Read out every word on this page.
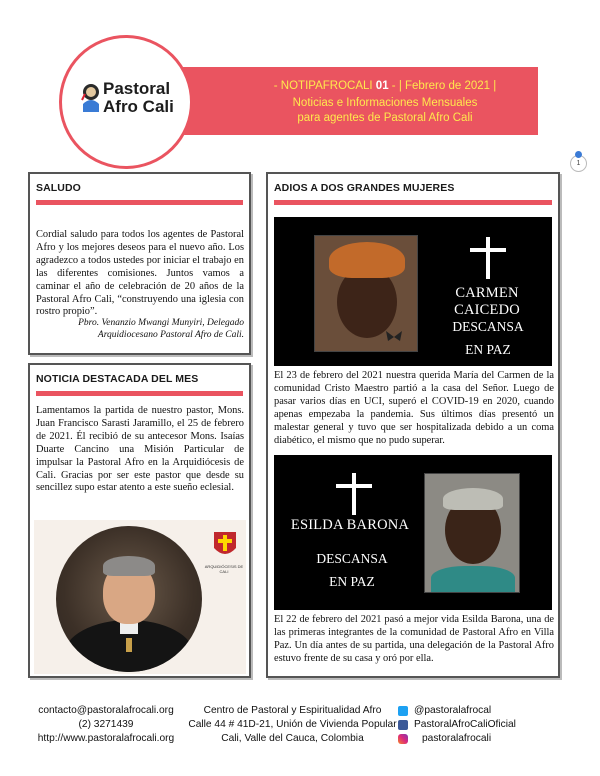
- NOTIPAFROCALI 01 - | Febrero de 2021 |
Noticias e Informaciones Mensuales
para agentes de Pastoral Afro Cali
Pastoral
Afro Cali
1
SALUDO
Cordial saludo para todos los agentes de Pastoral Afro y los mejores deseos para el nuevo año. Los agradezco a todos ustedes por iniciar el trabajo en las diferentes comisiones. Juntos vamos a caminar el año de celebración de 20 años de la Pastoral Afro Cali, “construyendo una iglesia con rostro propio”.
Pbro. Venanzio Mwangi Munyiri, Delegado
Arquidiocesano Pastoral Afro de Cali.
NOTICIA DESTACADA DEL MES
Lamentamos la partida de nuestro pastor, Mons. Juan Francisco Sarasti Jaramillo, el 25 de febrero de 2021. Él recibió de su antecesor Mons. Isaías Duarte Cancino una Misión Particular de impulsar la Pastoral Afro en la Arquidiócesis de Cali. Gracias por ser este pastor que desde su sencillez supo estar atento a este sueño eclesial.
ARQUIDIÓCESIS DE CALI
ADIOS A DOS GRANDES MUJERES
CARMEN CAICEDO
DESCANSA
EN PAZ
El 23 de febrero del 2021 nuestra querida María del Carmen de la comunidad Cristo Maestro partió a la casa del Señor. Luego de pasar varios días en UCI, superó el COVID-19 en 2020, cuando apenas empezaba la pandemia. Sus últimos días presentó un malestar general y tuvo que ser hospitalizada debido a un coma diabético, el mismo que no pudo superar.
ESILDA BARONA
DESCANSA
EN PAZ
El 22 de febrero del 2021 pasó a mejor vida Esilda Barona, una de las primeras integrantes de la comunidad de Pastoral Afro en Villa Paz. Un día antes de su partida, una delegación de la Pastoral Afro estuvo frente de su casa y oró por ella.
contacto@pastoralafrocali.org
(2) 3271439
http://www.pastoralafrocali.org
Centro de Pastoral y Espiritualidad Afro
Calle 44 # 41D-21, Unión de Vivienda Popular
Cali, Valle del Cauca, Colombia
@pastoralafrocal
PastoralAfroCaliOficial
pastoralafrocali
